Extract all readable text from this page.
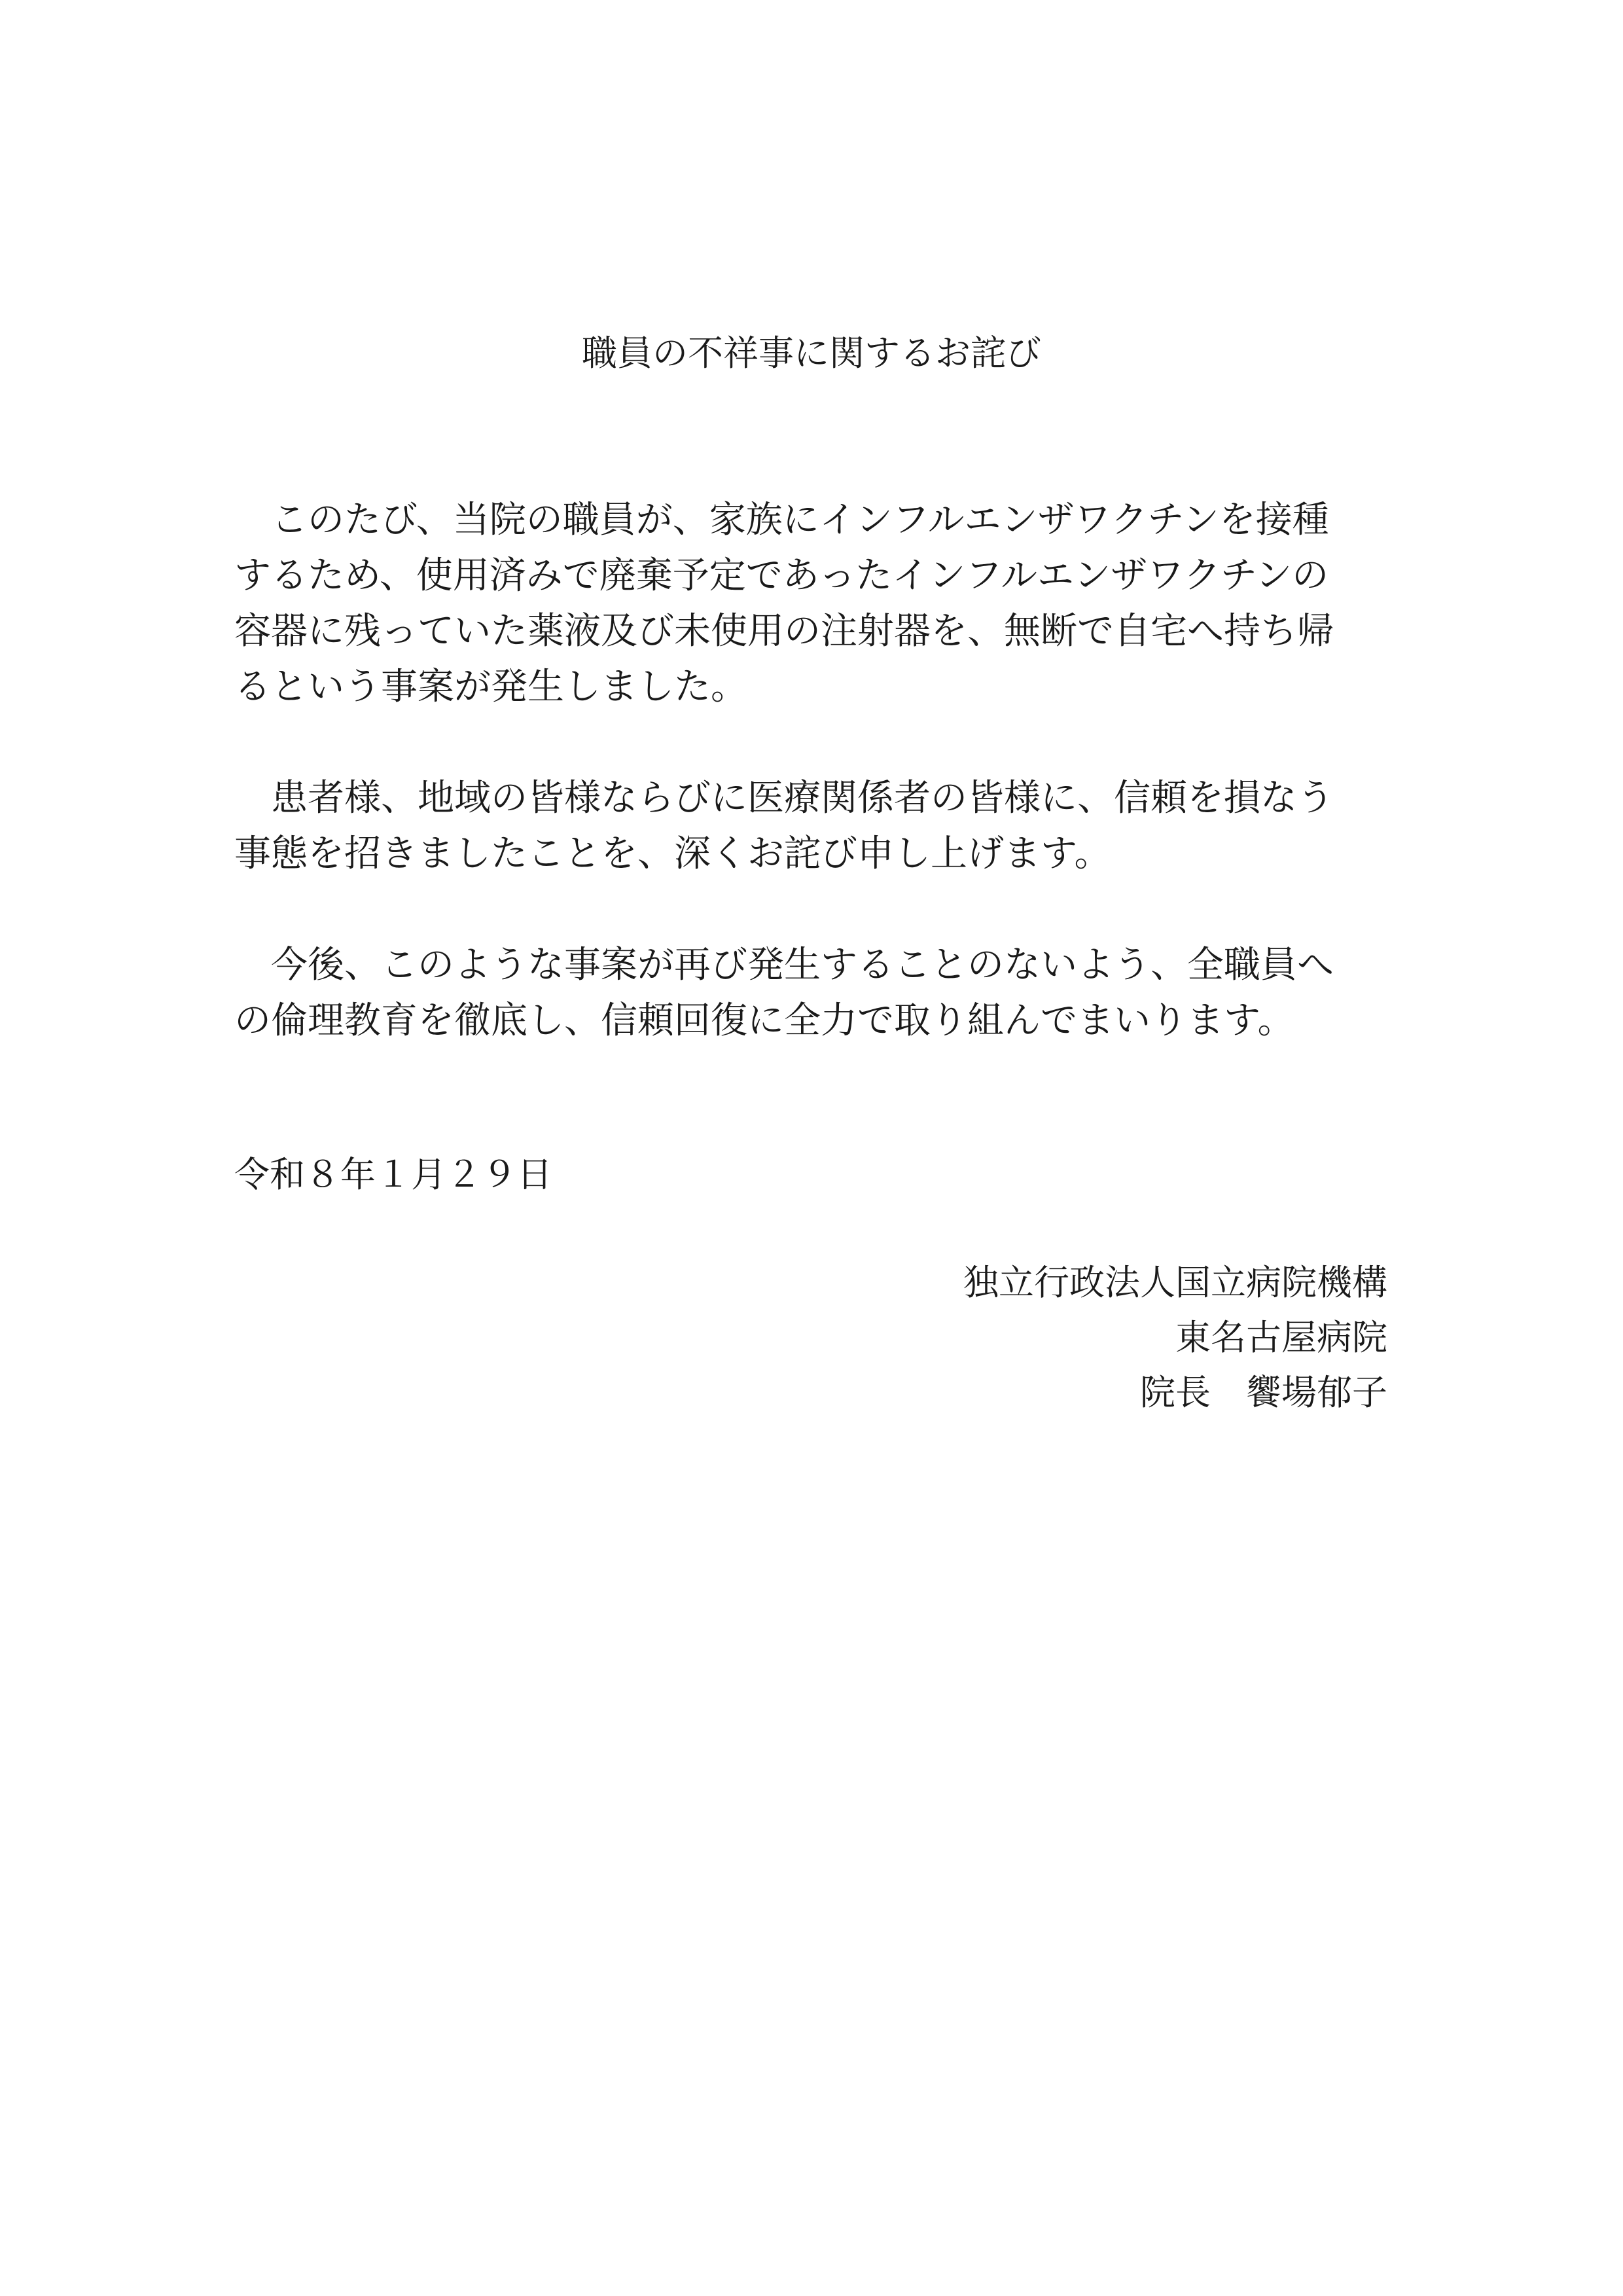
職員の不祥事に関するお詫び
　このたび、当院の職員が、家族にインフルエンザワクチンを接種
するため、使用済みで廃棄予定であったインフルエンザワクチンの
容器に残っていた薬液及び未使用の注射器を、無断で自宅へ持ち帰
るという事案が発生しました。
　患者様、地域の皆様ならびに医療関係者の皆様に、信頼を損なう
事態を招きましたことを、深くお詫び申し上げます。
　今後、このような事案が再び発生することのないよう、全職員へ
の倫理教育を徹底し、信頼回復に全力で取り組んでまいります。
令和８年１月２９日
独立行政法人国立病院機構
東名古屋病院
院長　饗場郁子
